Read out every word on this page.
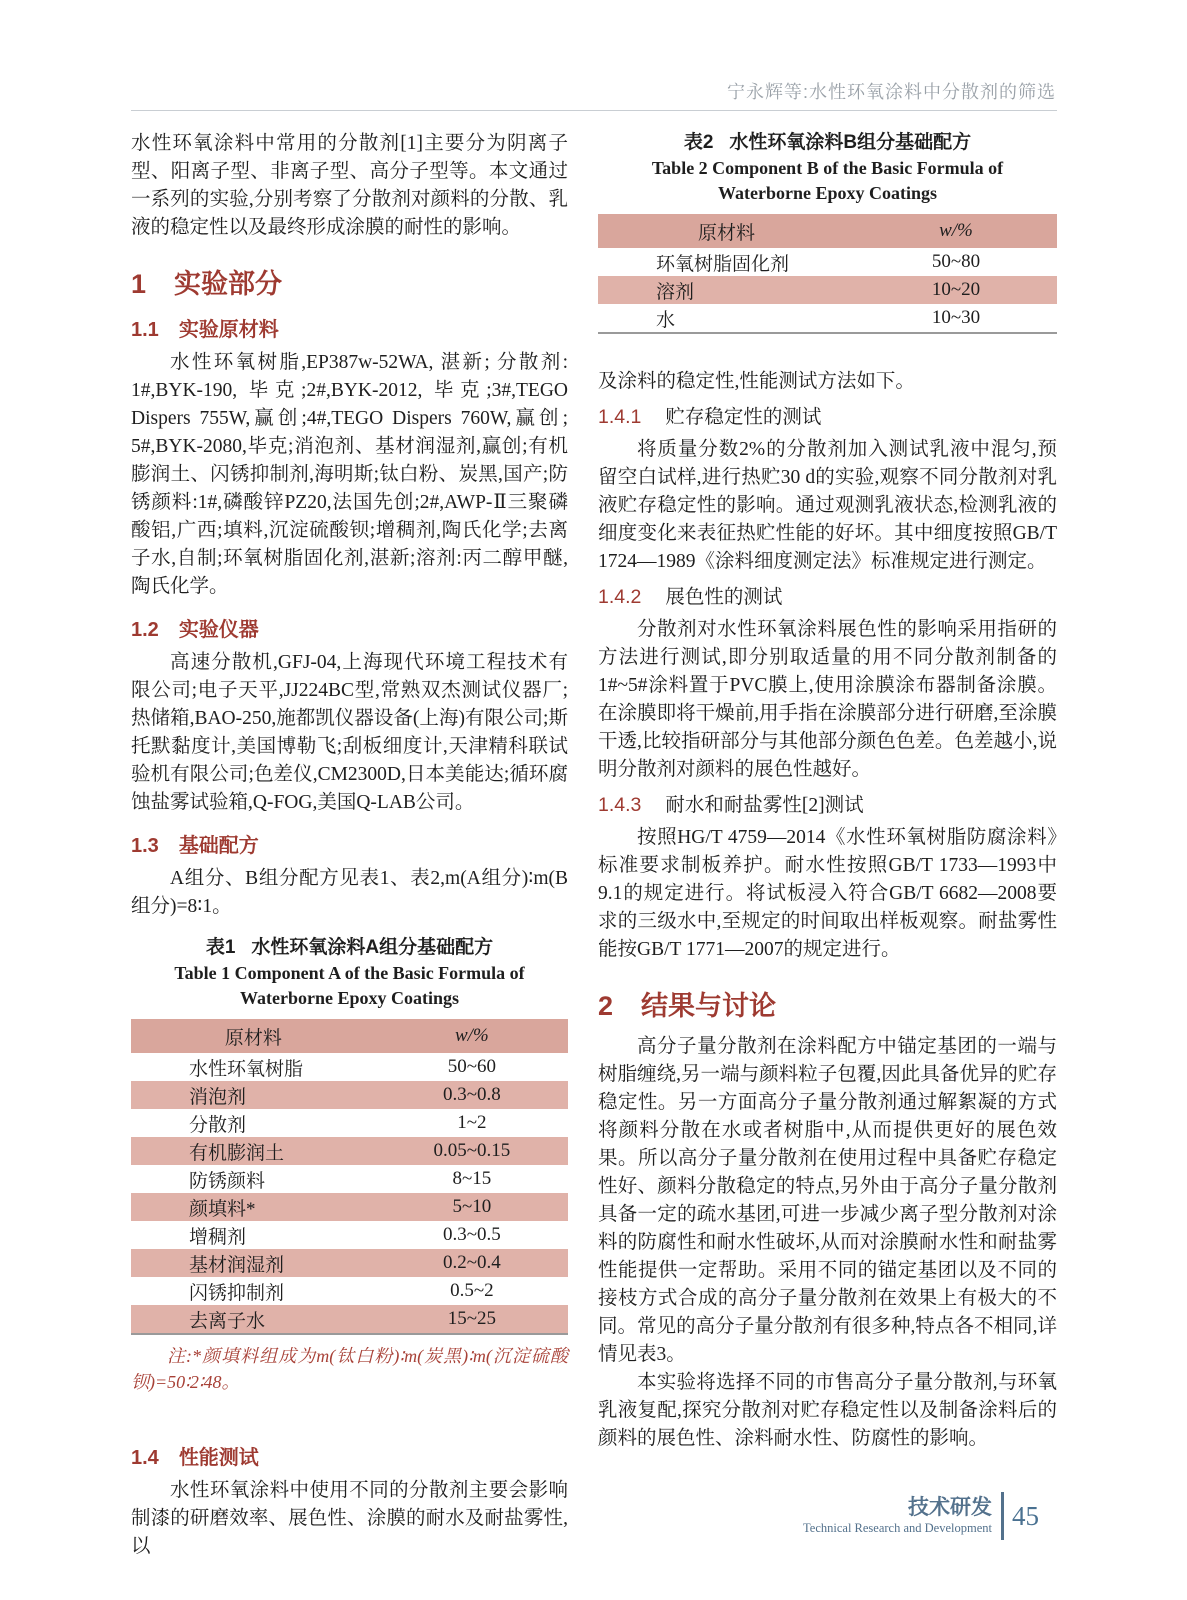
宁永辉等:水性环氧涂料中分散剂的筛选

水性环氧涂料中常用的分散剂[1]主要分为阴离子型、阳离子型、非离子型、高分子型等。本文通过一系列的实验,分别考察了分散剂对颜料的分散、乳液的稳定性以及最终形成涂膜的耐性的影响。

1 实验部分
1.1 实验原材料

水性环氧树脂,EP387w-52WA, 湛新; 分散剂: 1#,BYK-190, 毕克;2#,BYK-2012, 毕克;3#,TEGO Dispers 755W,赢创;4#,TEGO Dispers 760W,赢创; 5#,BYK-2080,毕克;消泡剂、基材润湿剂,赢创;有机膨润土、闪锈抑制剂,海明斯;钛白粉、炭黑,国产;防锈颜料:1#,磷酸锌PZ20,法国先创;2#,AWP-Ⅱ三聚磷酸铝,广西;填料,沉淀硫酸钡;增稠剂,陶氏化学;去离子水,自制;环氧树脂固化剂,湛新;溶剂:丙二醇甲醚,陶氏化学。

1.2 实验仪器

高速分散机,GFJ-04,上海现代环境工程技术有限公司;电子天平,JJ224BC型,常熟双杰测试仪器厂;热储箱,BAO-250,施都凯仪器设备(上海)有限公司;斯托默黏度计,美国博勒飞;刮板细度计,天津精科联试验机有限公司;色差仪,CM2300D,日本美能达;循环腐蚀盐雾试验箱,Q-FOG,美国Q-LAB公司。

1.3 基础配方

A组分、B组分配方见表1、表2,m(A组分)∶m(B组分)=8∶1。

表1 水性环氧涂料A组分基础配方

Table 1 Component A of the Basic Formula of

Waterborne Epoxy Coatings

原材料	w/%
水性环氧树脂	50~60
消泡剂	0.3~0.8
分散剂	1~2
有机膨润土	0.05~0.15
防锈颜料	8~15
颜填料*	5~10
增稠剂	0.3~0.5
基材润湿剂	0.2~0.4
闪锈抑制剂	0.5~2
去离子水	15~25

注:*颜填料组成为m(钛白粉)∶m(炭黑)∶m(沉淀硫酸钡)=50∶2∶48。

1.4 性能测试

水性环氧涂料中使用不同的分散剂主要会影响制漆的研磨效率、展色性、涂膜的耐水及耐盐雾性,以

表2 水性环氧涂料B组分基础配方

Table 2 Component B of the Basic Formula of

Waterborne Epoxy Coatings

原材料	w/%
环氧树脂固化剂	50~80
溶剂	10~20
水	10~30

及涂料的稳定性,性能测试方法如下。

1.4.1 贮存稳定性的测试

将质量分数2%的分散剂加入测试乳液中混匀,预留空白试样,进行热贮30 d的实验,观察不同分散剂对乳液贮存稳定性的影响。通过观测乳液状态,检测乳液的细度变化来表征热贮性能的好坏。其中细度按照GB/T 1724—1989《涂料细度测定法》标准规定进行测定。

1.4.2 展色性的测试

分散剂对水性环氧涂料展色性的影响采用指研的方法进行测试,即分别取适量的用不同分散剂制备的1#~5#涂料置于PVC膜上,使用涂膜涂布器制备涂膜。在涂膜即将干燥前,用手指在涂膜部分进行研磨,至涂膜干透,比较指研部分与其他部分颜色色差。色差越小,说明分散剂对颜料的展色性越好。

1.4.3 耐水和耐盐雾性[2]测试

按照HG/T 4759—2014《水性环氧树脂防腐涂料》标准要求制板养护。耐水性按照GB/T 1733—1993中9.1的规定进行。将试板浸入符合GB/T 6682—2008要求的三级水中,至规定的时间取出样板观察。耐盐雾性能按GB/T 1771—2007的规定进行。

2 结果与讨论

高分子量分散剂在涂料配方中锚定基团的一端与树脂缠绕,另一端与颜料粒子包覆,因此具备优异的贮存稳定性。另一方面高分子量分散剂通过解絮凝的方式将颜料分散在水或者树脂中,从而提供更好的展色效果。所以高分子量分散剂在使用过程中具备贮存稳定性好、颜料分散稳定的特点,另外由于高分子量分散剂具备一定的疏水基团,可进一步减少离子型分散剂对涂料的防腐性和耐水性破坏,从而对涂膜耐水性和耐盐雾性能提供一定帮助。采用不同的锚定基团以及不同的接枝方式合成的高分子量分散剂在效果上有极大的不同。常见的高分子量分散剂有很多种,特点各不相同,详情见表3。

本实验将选择不同的市售高分子量分散剂,与环氧乳液复配,探究分散剂对贮存稳定性以及制备涂料后的颜料的展色性、涂料耐水性、防腐性的影响。

技术研发
Technical Research and Development 45
